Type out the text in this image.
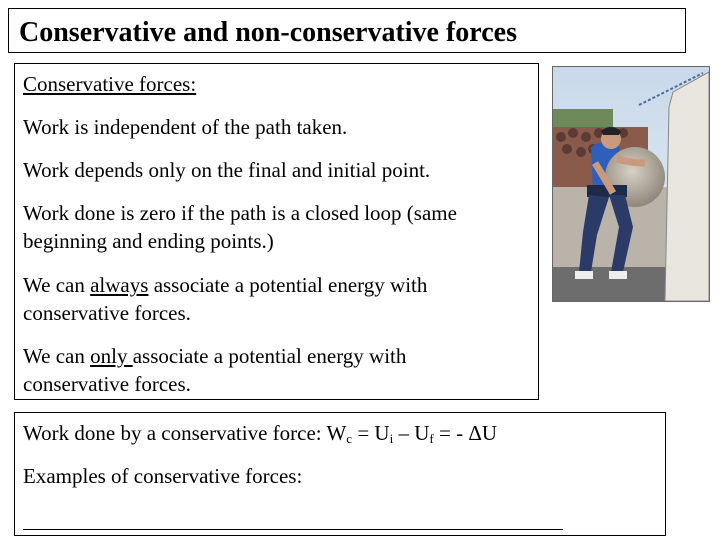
Conservative and non-conservative forces

Conservative forces:

Work is independent of the path taken.

Work depends only on the final and initial point.

Work done is zero if the path is a closed loop (same
beginning and ending points.)

We can always associate a potential energy with
conservative forces.

We can only associate a potential energy with
conservative forces.

Work done by a conservative force: $W_c = U_i - U_f$ = - ΔU

Examples of conservative forces:
